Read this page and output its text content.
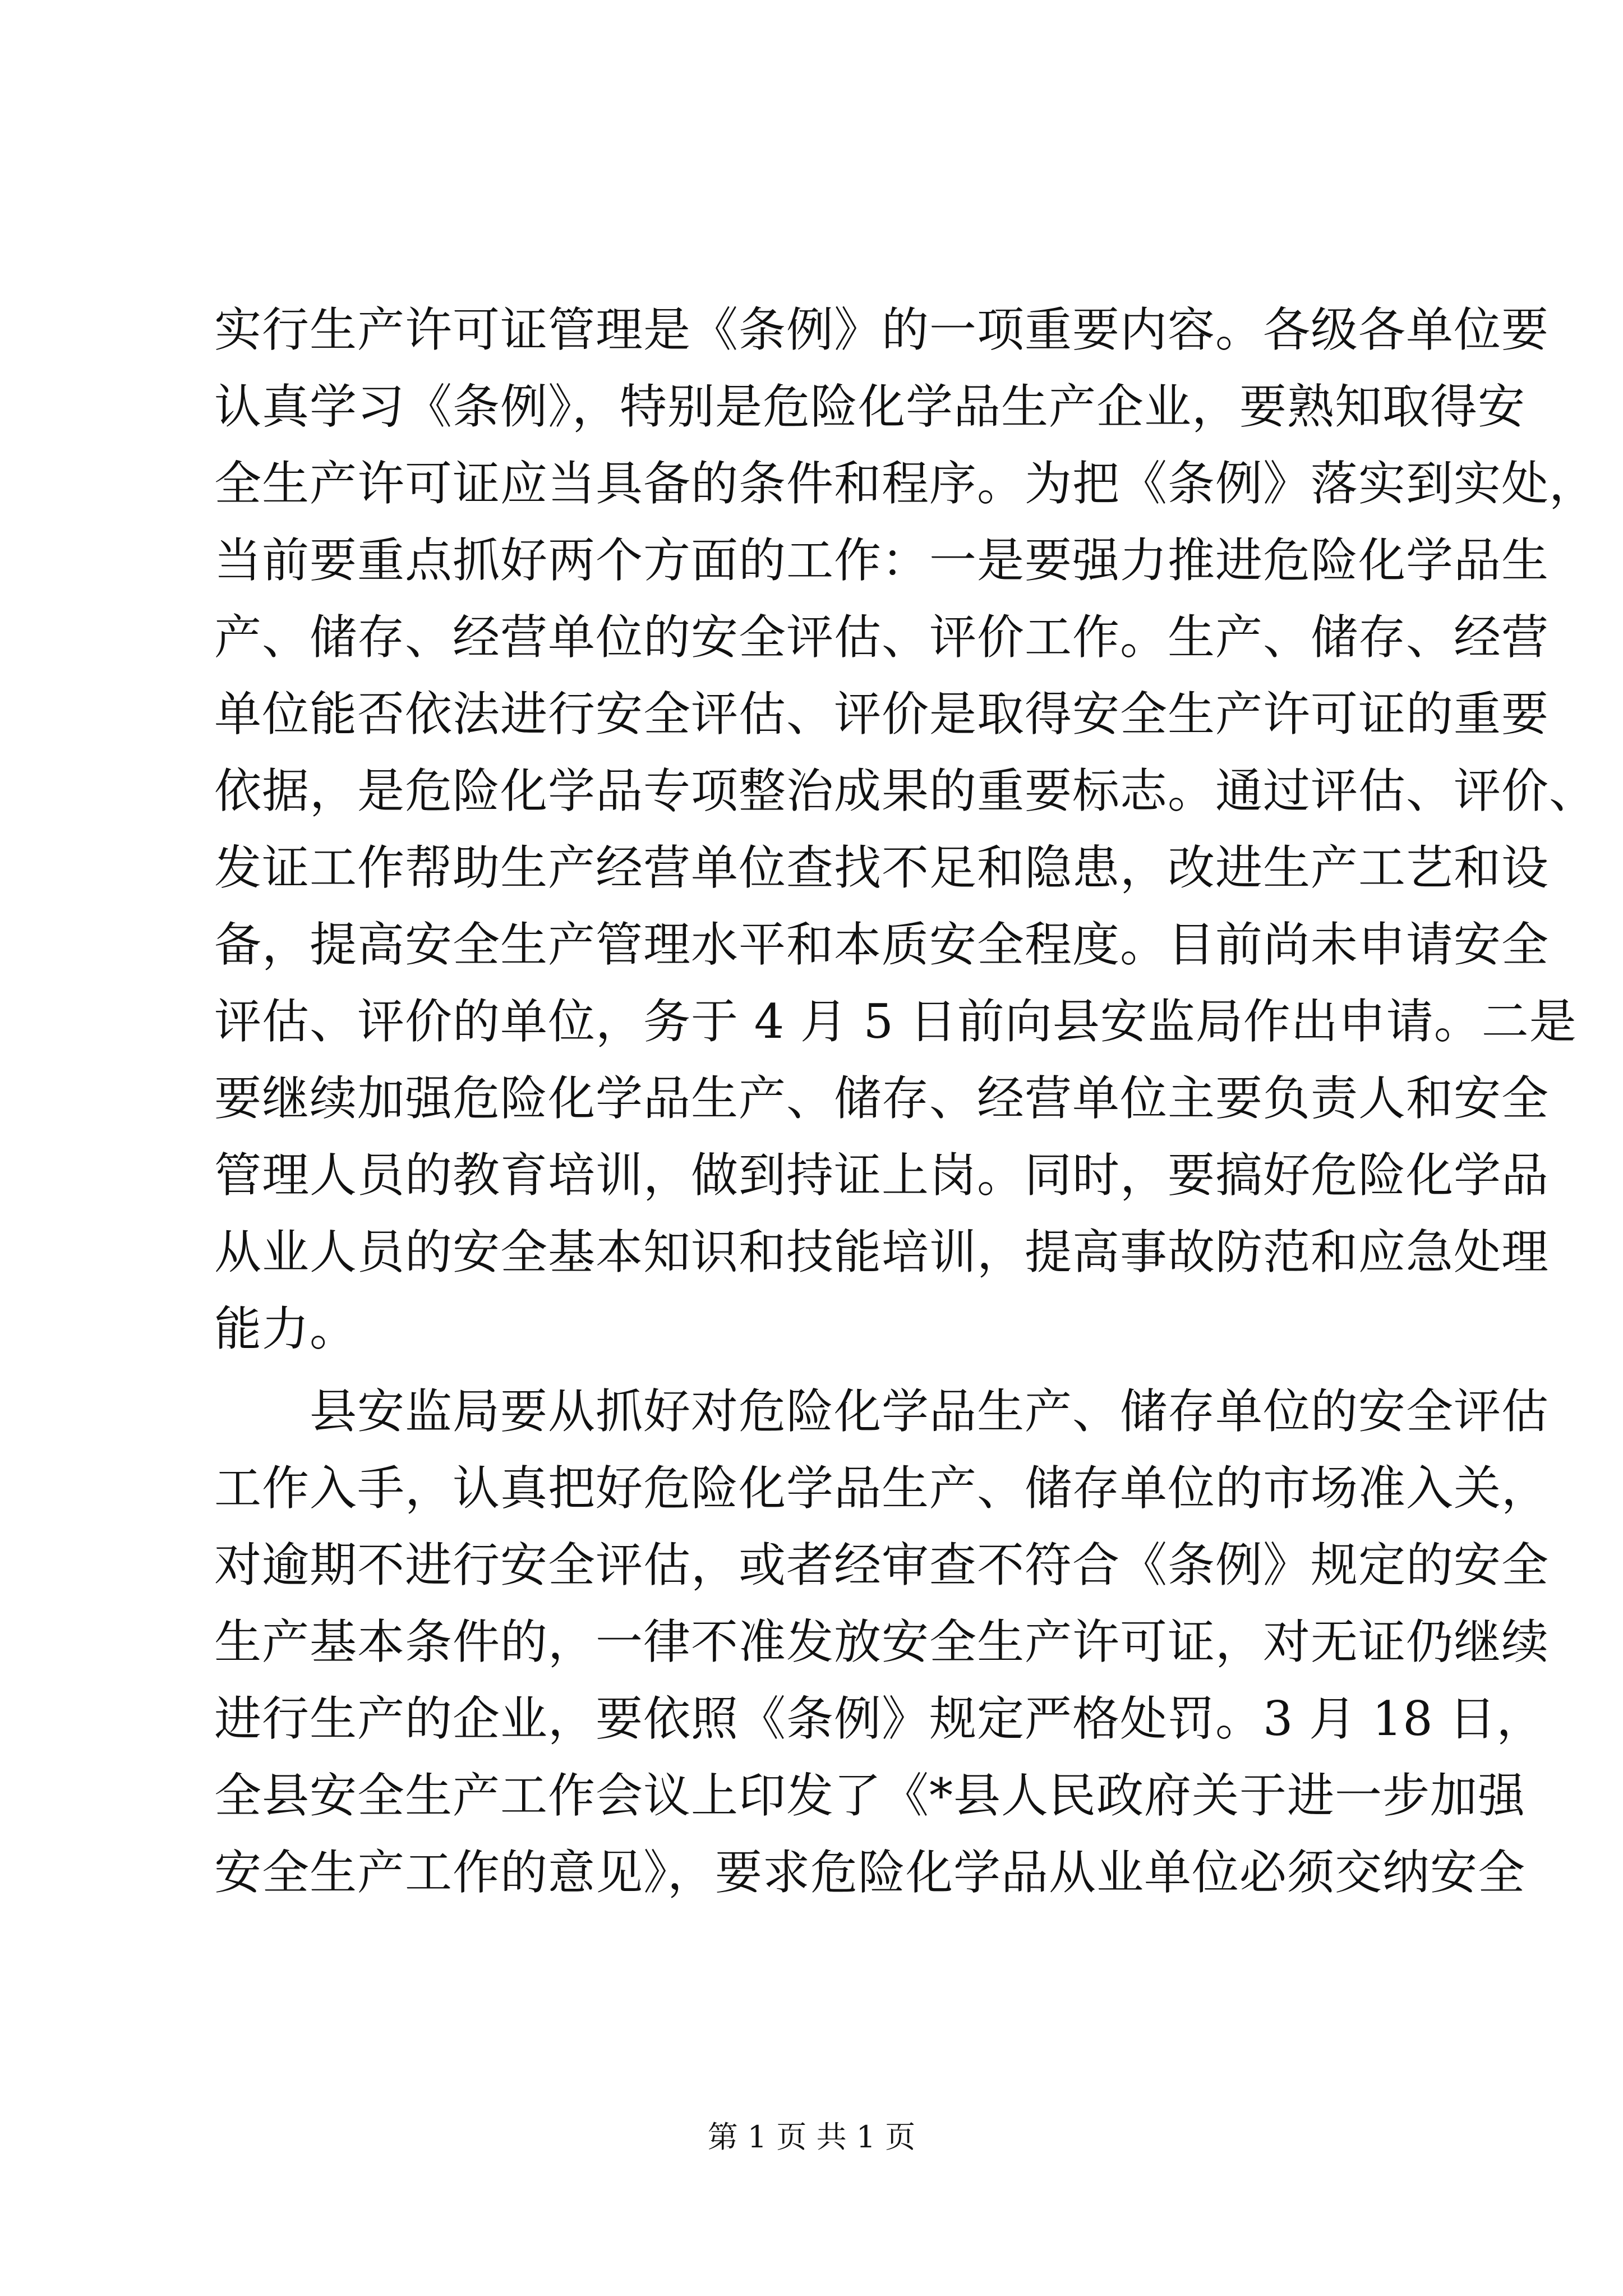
实行生产许可证管理是《条例》的一项重要内容。各级各单位要
认真学习《条例》，特别是危险化学品生产企业，要熟知取得安
全生产许可证应当具备的条件和程序。为把《条例》落实到实处，
当前要重点抓好两个方面的工作：一是要强力推进危险化学品生
产、储存、经营单位的安全评估、评价工作。生产、储存、经营
单位能否依法进行安全评估、评价是取得安全生产许可证的重要
依据，是危险化学品专项整治成果的重要标志。通过评估、评价、
发证工作帮助生产经营单位查找不足和隐患，改进生产工艺和设
备，提高安全生产管理水平和本质安全程度。目前尚未申请安全
评估、评价的单位，务于 4 月 5 日前向县安监局作出申请。二是
要继续加强危险化学品生产、储存、经营单位主要负责人和安全
管理人员的教育培训，做到持证上岗。同时，要搞好危险化学品
从业人员的安全基本知识和技能培训，提高事故防范和应急处理
能力。
　　县安监局要从抓好对危险化学品生产、储存单位的安全评估
工作入手，认真把好危险化学品生产、储存单位的市场准入关，
对逾期不进行安全评估，或者经审查不符合《条例》规定的安全
生产基本条件的，一律不准发放安全生产许可证，对无证仍继续
进行生产的企业，要依照《条例》规定严格处罚。3 月 18 日，
全县安全生产工作会议上印发了《*县人民政府关于进一步加强
安全生产工作的意见》，要求危险化学品从业单位必须交纳安全
第 1 页 共 1 页
